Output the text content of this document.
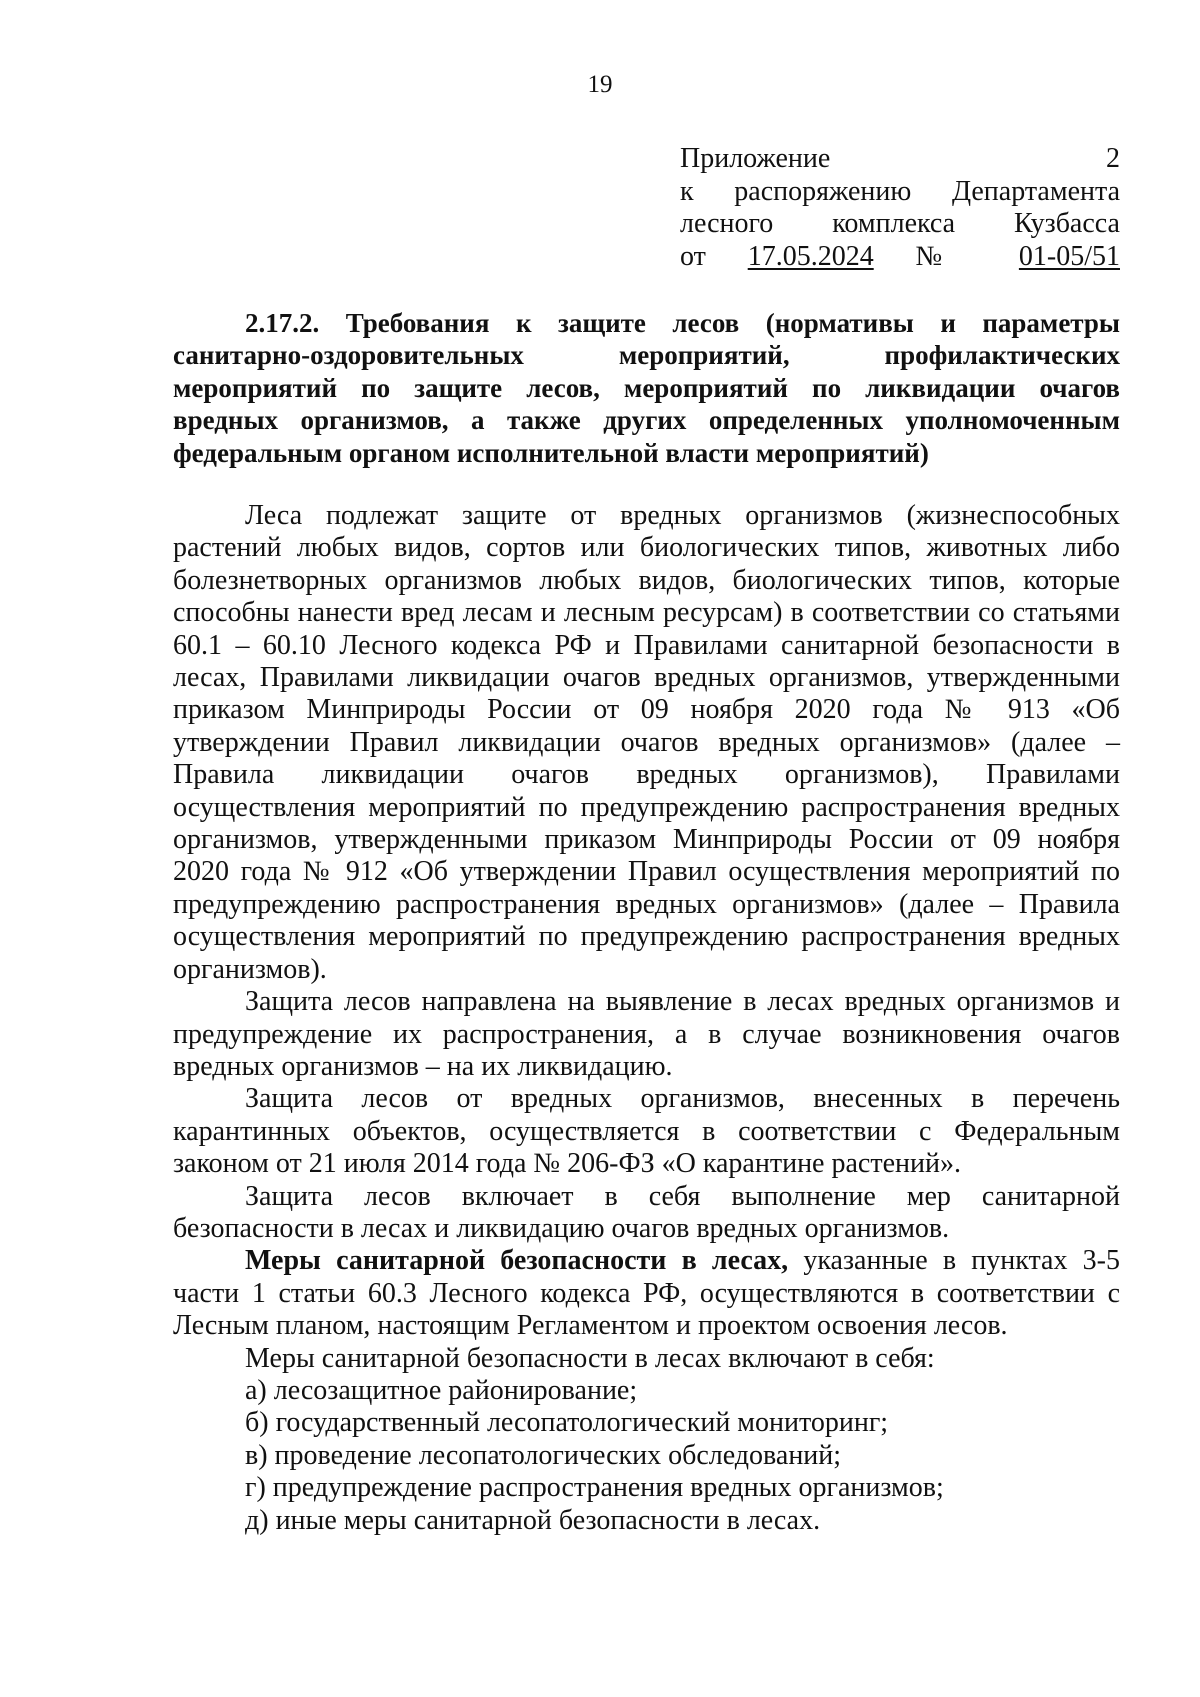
19
Приложение 2
к распоряжению Департамента
лесного комплекса Кузбасса
от 17.05.2024 № 01-05/51
2.17.2. Требования к защите лесов (нормативы и параметры
санитарно-оздоровительных мероприятий, профилактических
мероприятий по защите лесов, мероприятий по ликвидации очагов
вредных организмов, а также других определенных уполномоченным
федеральным органом исполнительной власти мероприятий)
Леса подлежат защите от вредных организмов (жизнеспособных
растений любых видов, сортов или биологических типов, животных либо
болезнетворных организмов любых видов, биологических типов, которые
способны нанести вред лесам и лесным ресурсам) в соответствии со статьями
60.1 – 60.10 Лесного кодекса РФ и Правилами санитарной безопасности в
лесах, Правилами ликвидации очагов вредных организмов, утвержденными
приказом Минприроды России от 09 ноября 2020 года № 913 «Об
утверждении Правил ликвидации очагов вредных организмов» (далее –
Правила ликвидации очагов вредных организмов), Правилами
осуществления мероприятий по предупреждению распространения вредных
организмов, утвержденными приказом Минприроды России от 09 ноября
2020 года № 912 «Об утверждении Правил осуществления мероприятий по
предупреждению распространения вредных организмов» (далее – Правила
осуществления мероприятий по предупреждению распространения вредных
организмов).
Защита лесов направлена на выявление в лесах вредных организмов и
предупреждение их распространения, а в случае возникновения очагов
вредных организмов – на их ликвидацию.
Защита лесов от вредных организмов, внесенных в перечень
карантинных объектов, осуществляется в соответствии с Федеральным
законом от 21 июля 2014 года № 206-ФЗ «О карантине растений».
Защита лесов включает в себя выполнение мер санитарной
безопасности в лесах и ликвидацию очагов вредных организмов.
Меры санитарной безопасности в лесах, указанные в пунктах 3-5
части 1 статьи 60.3 Лесного кодекса РФ, осуществляются в соответствии с
Лесным планом, настоящим Регламентом и проектом освоения лесов.
Меры санитарной безопасности в лесах включают в себя:
а) лесозащитное районирование;
б) государственный лесопатологический мониторинг;
в) проведение лесопатологических обследований;
г) предупреждение распространения вредных организмов;
д) иные меры санитарной безопасности в лесах.
